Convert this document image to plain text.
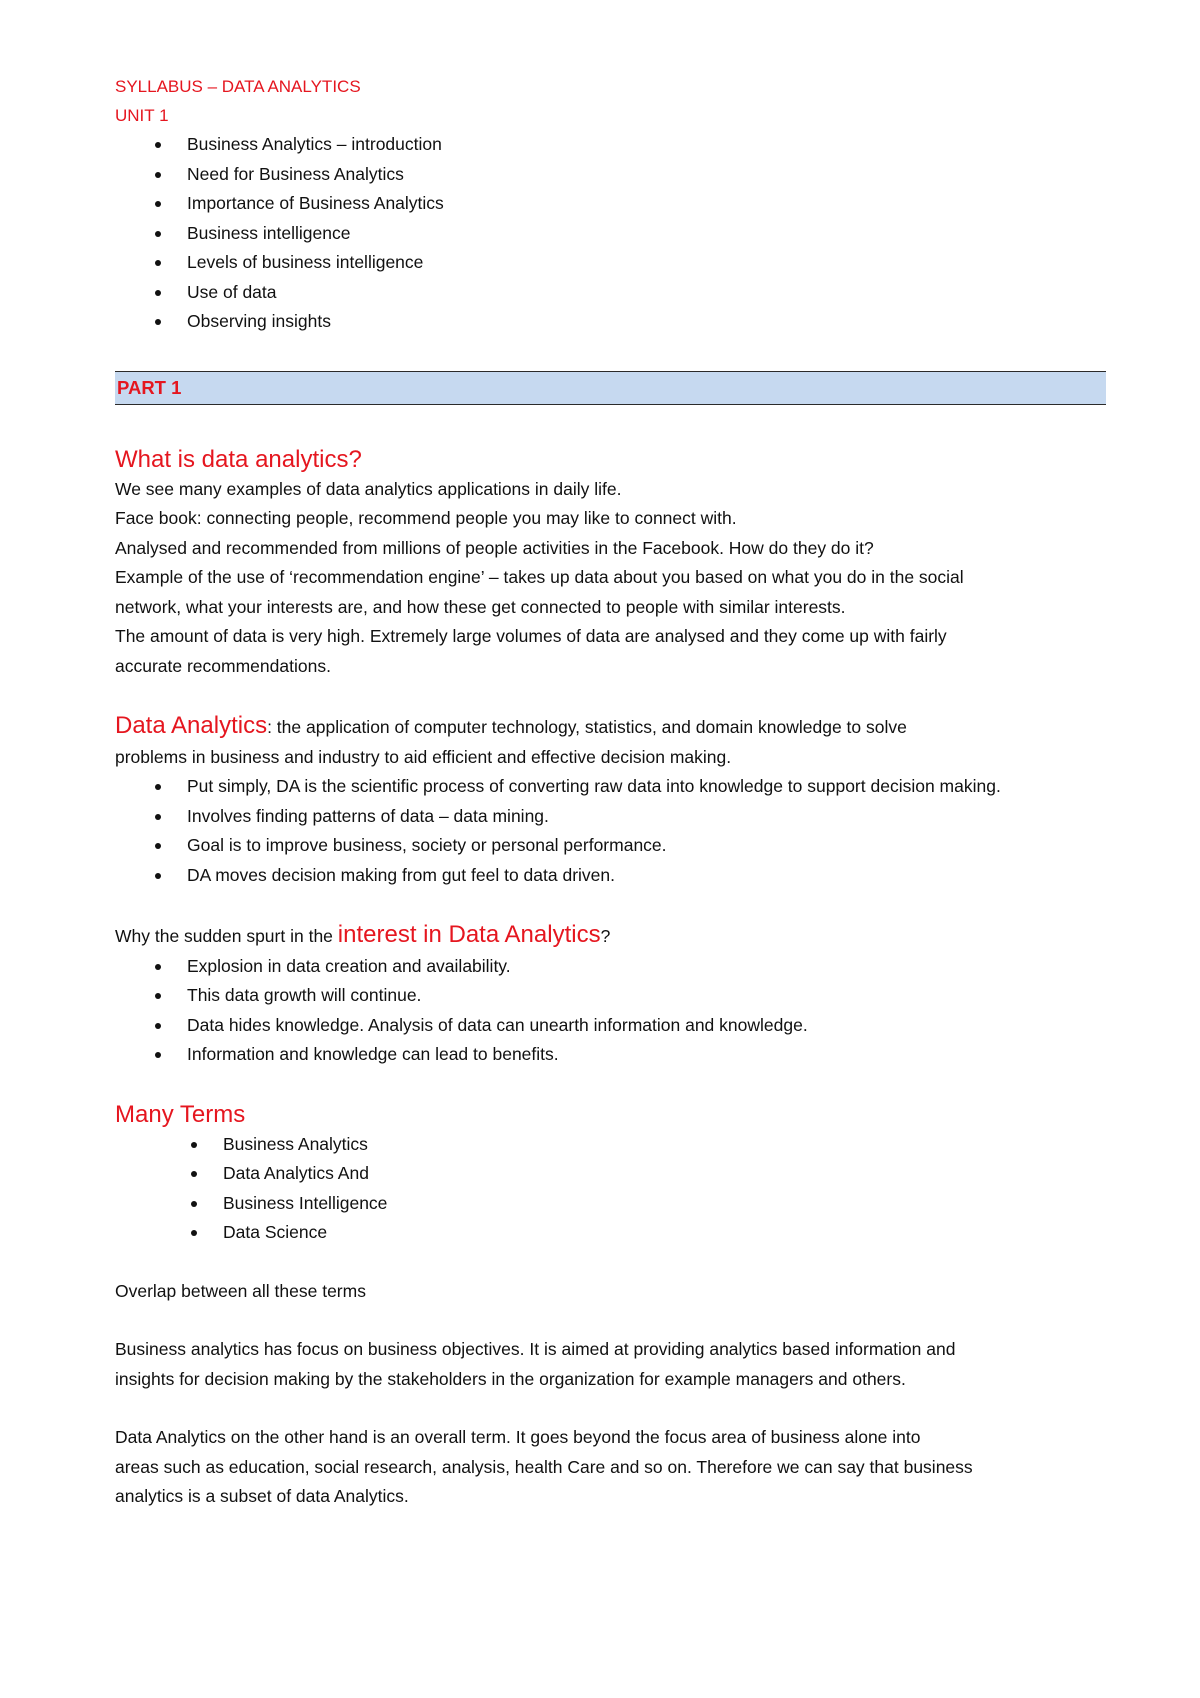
SYLLABUS – DATA ANALYTICS
UNIT 1
Business Analytics – introduction
Need for Business Analytics
Importance of Business Analytics
Business intelligence
Levels of business intelligence
Use of data
Observing insights
PART 1
What is data analytics?
We see many examples of data analytics applications in daily life.
Face book: connecting people, recommend people you may like to connect with.
Analysed and recommended from millions of people activities in the Facebook. How do they do it?
Example of the use of ‘recommendation engine’ – takes up data about you based on what you do in the social
network, what your interests are, and how these get connected to people with similar interests.
The amount of data is very high. Extremely large volumes of data are analysed and they come up with fairly
accurate recommendations.
Data Analytics: the application of computer technology, statistics, and domain knowledge to solve
problems in business and industry to aid efficient and effective decision making.
Put simply, DA is the scientific process of converting raw data into knowledge to support decision making.
Involves finding patterns of data – data mining.
Goal is to improve business, society or personal performance.
DA moves decision making from gut feel to data driven.
Why the sudden spurt in the interest in Data Analytics?
Explosion in data creation and availability.
This data growth will continue.
Data hides knowledge. Analysis of data can unearth information and knowledge.
Information and knowledge can lead to benefits.
Many Terms
Business Analytics
Data Analytics And
Business Intelligence
Data Science
Overlap between all these terms
Business analytics has focus on business objectives. It is aimed at providing analytics based information and
insights for decision making by the stakeholders in the organization for example managers and others.
Data Analytics on the other hand is an overall term. It goes beyond the focus area of business alone into
areas such as education, social research, analysis, health Care and so on. Therefore we can say that business
analytics is a subset of data Analytics.
